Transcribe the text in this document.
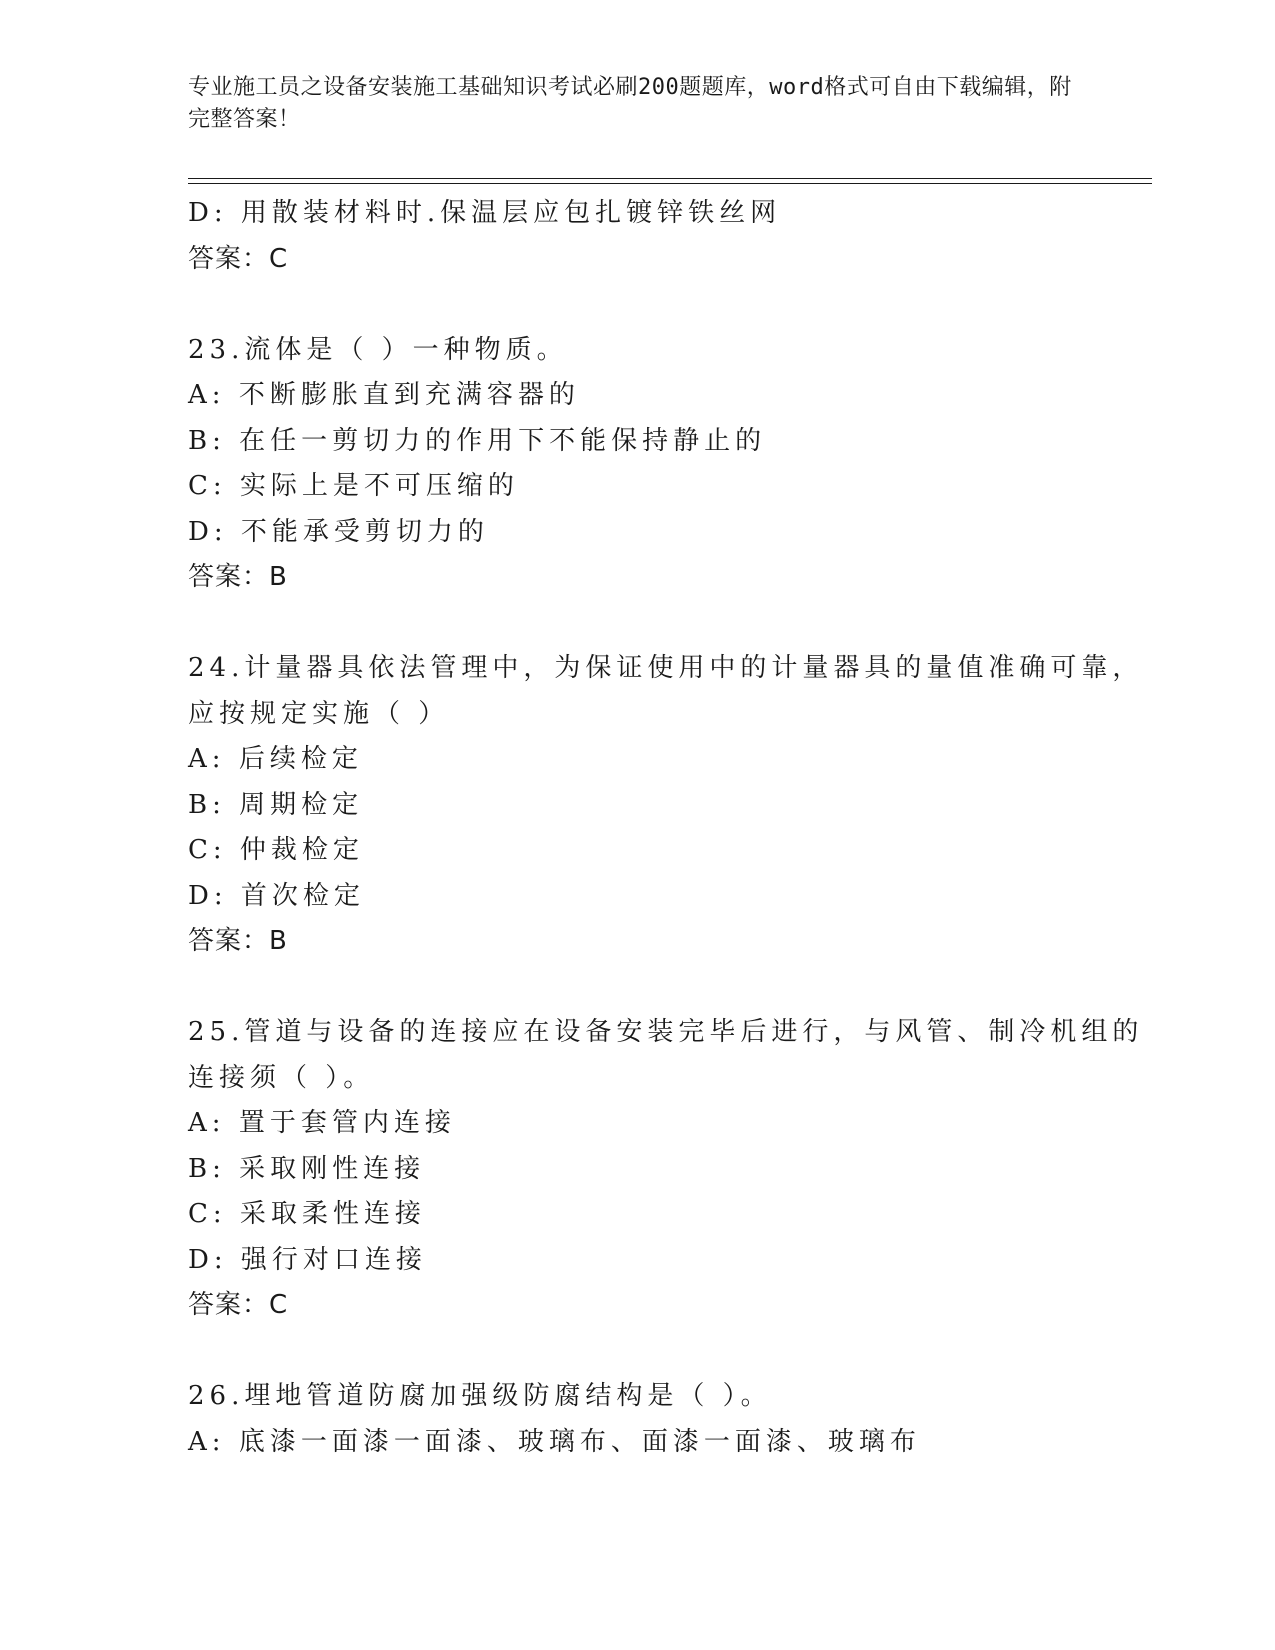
专业施工员之设备安装施工基础知识考试必刷200题题库，word格式可自由下载编辑，附完整答案！
D: 用散装材料时.保温层应包扎镀锌铁丝网
答案：C
23.流体是（ ）一种物质。
A: 不断膨胀直到充满容器的
B: 在任一剪切力的作用下不能保持静止的
C: 实际上是不可压缩的
D: 不能承受剪切力的
答案：B
24.计量器具依法管理中，为保证使用中的计量器具的量值准确可靠，
应按规定实施（ ）
A: 后续检定
B: 周期检定
C: 仲裁检定
D: 首次检定
答案：B
25.管道与设备的连接应在设备安装完毕后进行，与风管、制冷机组的
连接须（ ）。
A: 置于套管内连接
B: 采取刚性连接
C: 采取柔性连接
D: 强行对口连接
答案：C
26.埋地管道防腐加强级防腐结构是（ ）。
A: 底漆一面漆一面漆、玻璃布、面漆一面漆、玻璃布
